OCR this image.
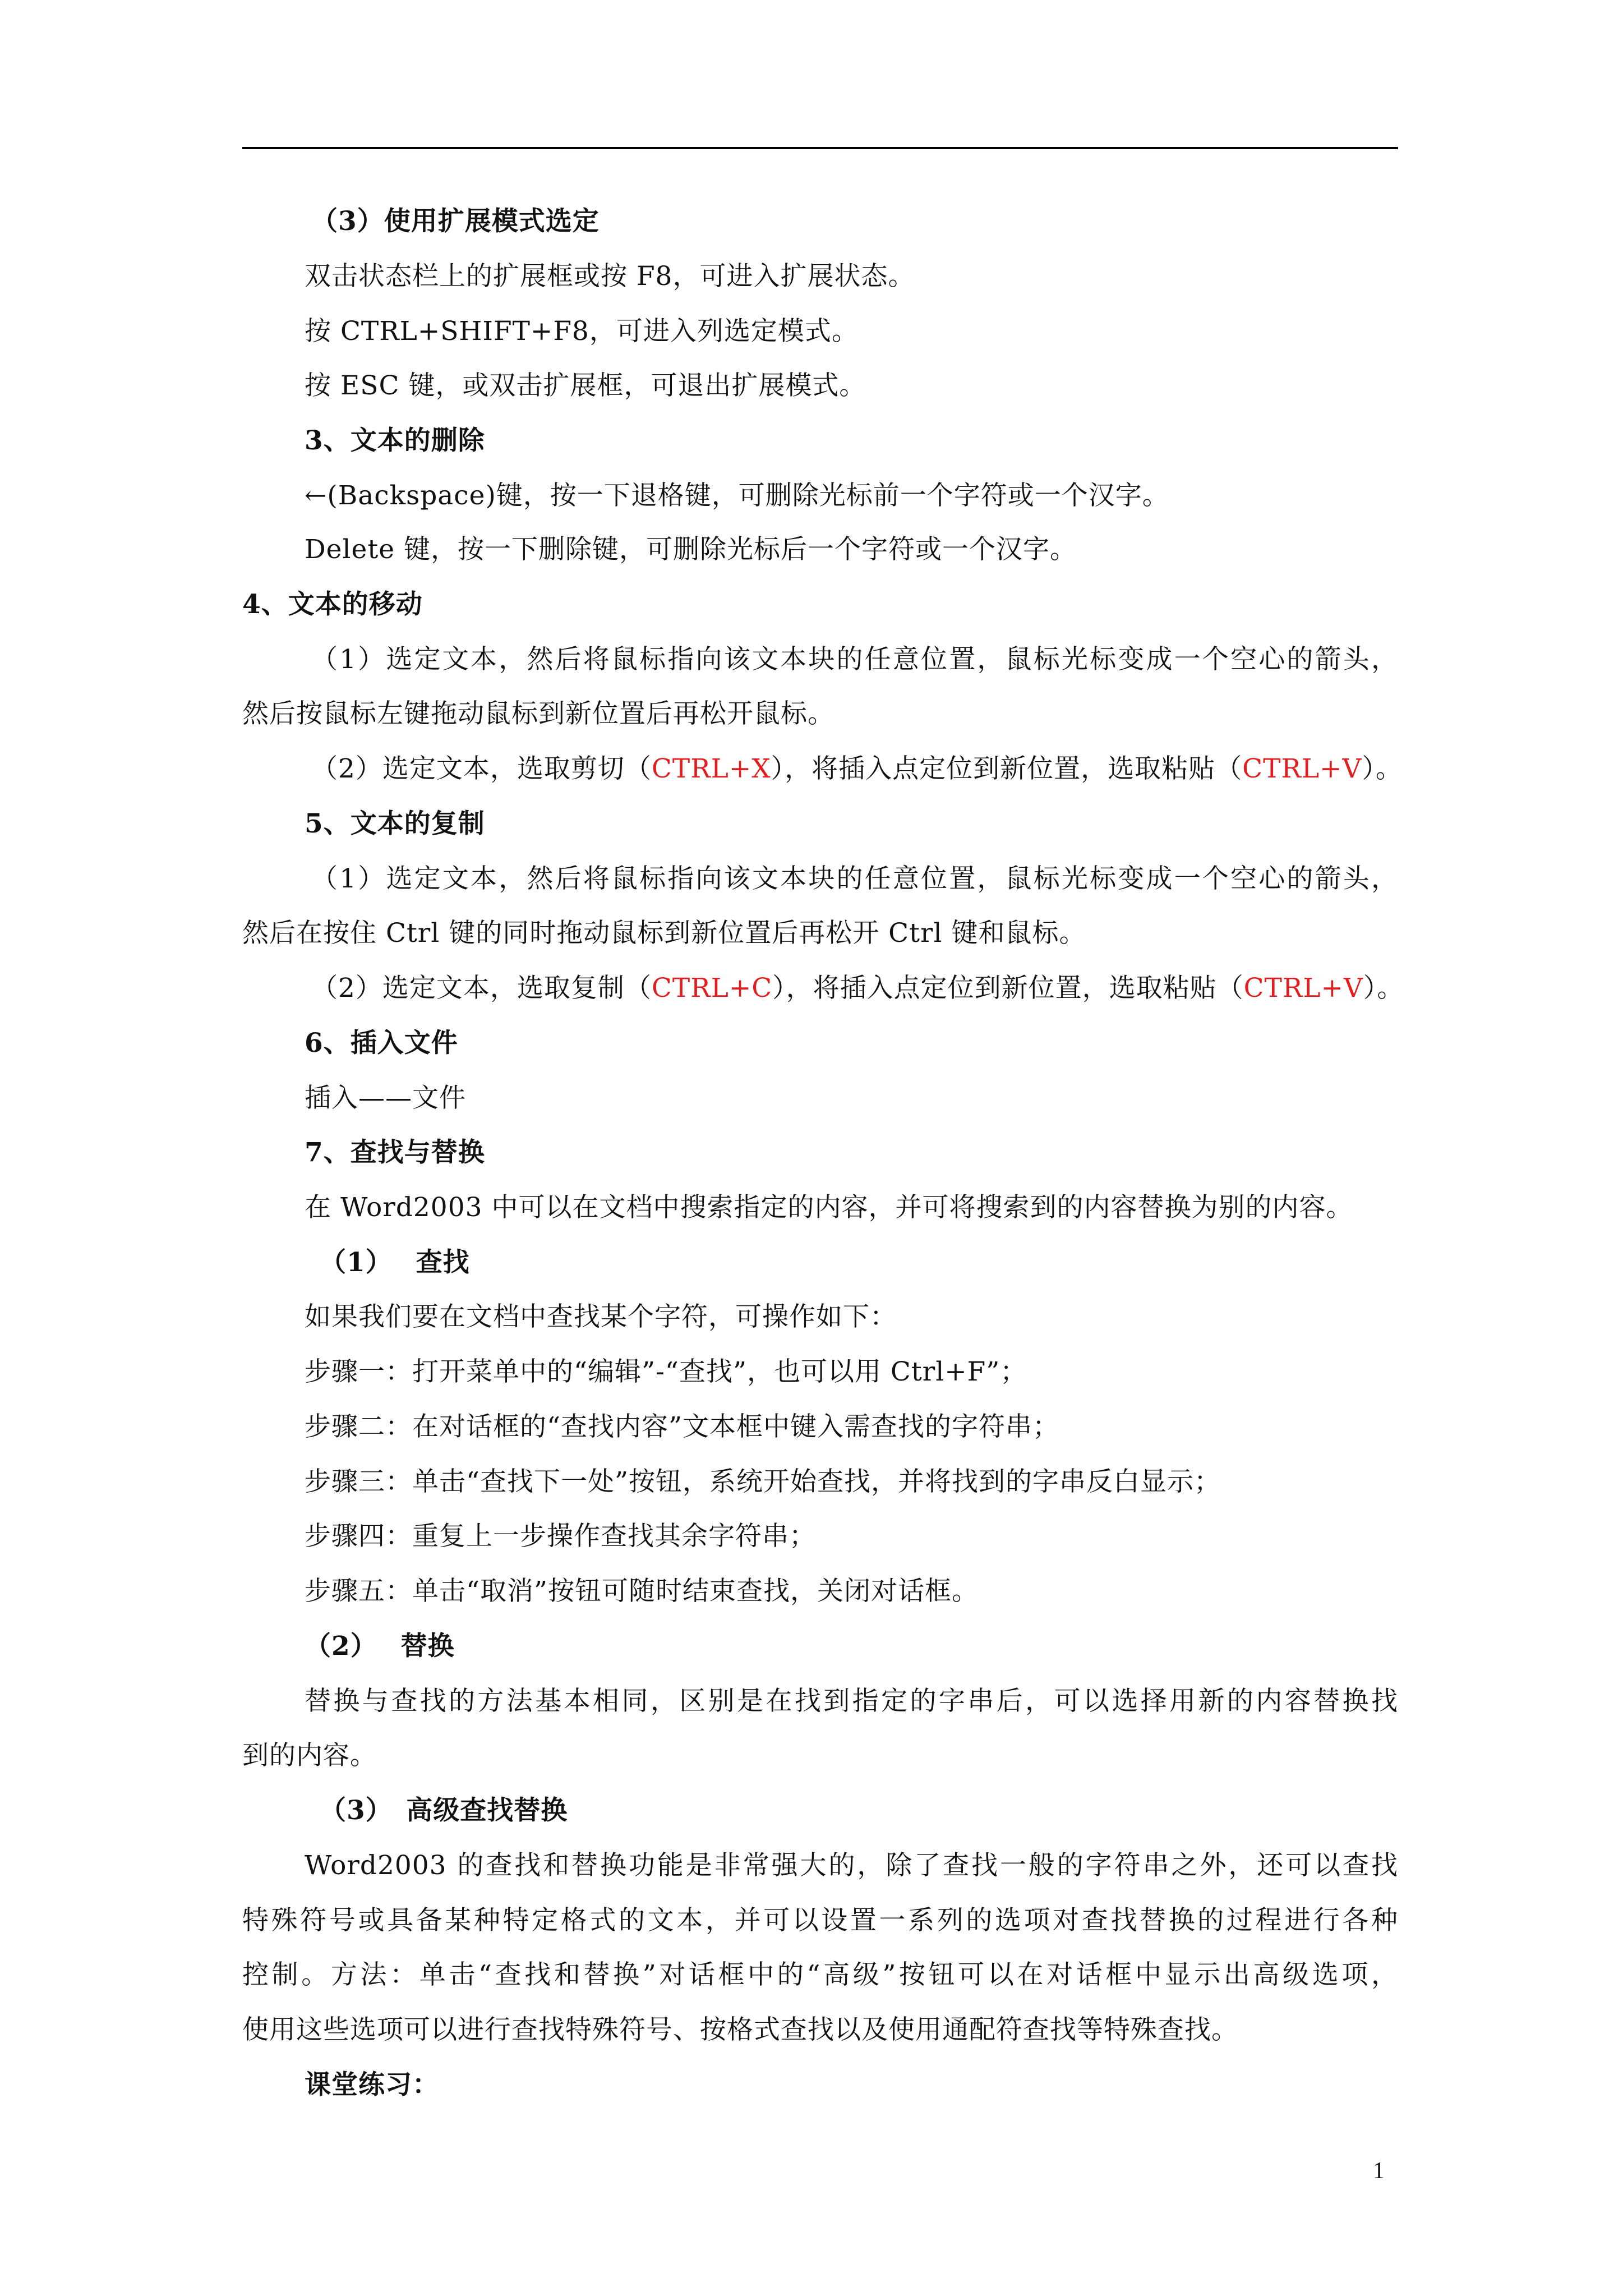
（3）使用扩展模式选定
双击状态栏上的扩展框或按 F8，可进入扩展状态。
按 CTRL+SHIFT+F8，可进入列选定模式。
按 ESC 键，或双击扩展框，可退出扩展模式。
3、文本的删除
←(Backspace)键，按一下退格键，可删除光标前一个字符或一个汉字。
Delete 键，按一下删除键，可删除光标后一个字符或一个汉字。
4、文本的移动
（1）选定文本，然后将鼠标指向该文本块的任意位置，鼠标光标变成一个空心的箭头，
然后按鼠标左键拖动鼠标到新位置后再松开鼠标。
（2）选定文本，选取剪切（CTRL+X），将插入点定位到新位置，选取粘贴（CTRL+V）。
5、文本的复制
（1）选定文本，然后将鼠标指向该文本块的任意位置，鼠标光标变成一个空心的箭头，
然后在按住 Ctrl 键的同时拖动鼠标到新位置后再松开 Ctrl 键和鼠标。
（2）选定文本，选取复制（CTRL+C），将插入点定位到新位置，选取粘贴（CTRL+V）。
6、插入文件
插入——文件
7、查找与替换
在 Word2003 中可以在文档中搜索指定的内容，并可将搜索到的内容替换为别的内容。
（1）　 查找
如果我们要在文档中查找某个字符，可操作如下：
步骤一：打开菜单中的“编辑”-“查找”，也可以用 Ctrl+F”；
步骤二：在对话框的“查找内容”文本框中键入需查找的字符串；
步骤三：单击“查找下一处”按钮，系统开始查找，并将找到的字串反白显示；
步骤四：重复上一步操作查找其余字符串；
步骤五：单击“取消”按钮可随时结束查找，关闭对话框。
（2）　 替换
替换与查找的方法基本相同，区别是在找到指定的字串后，可以选择用新的内容替换找
到的内容。
（3）　高级查找替换
Word2003 的查找和替换功能是非常强大的，除了查找一般的字符串之外，还可以查找
特殊符号或具备某种特定格式的文本，并可以设置一系列的选项对查找替换的过程进行各种
控制。方法：单击“查找和替换”对话框中的“高级”按钮可以在对话框中显示出高级选项，
使用这些选项可以进行查找特殊符号、按格式查找以及使用通配符查找等特殊查找。
课堂练习：
1
